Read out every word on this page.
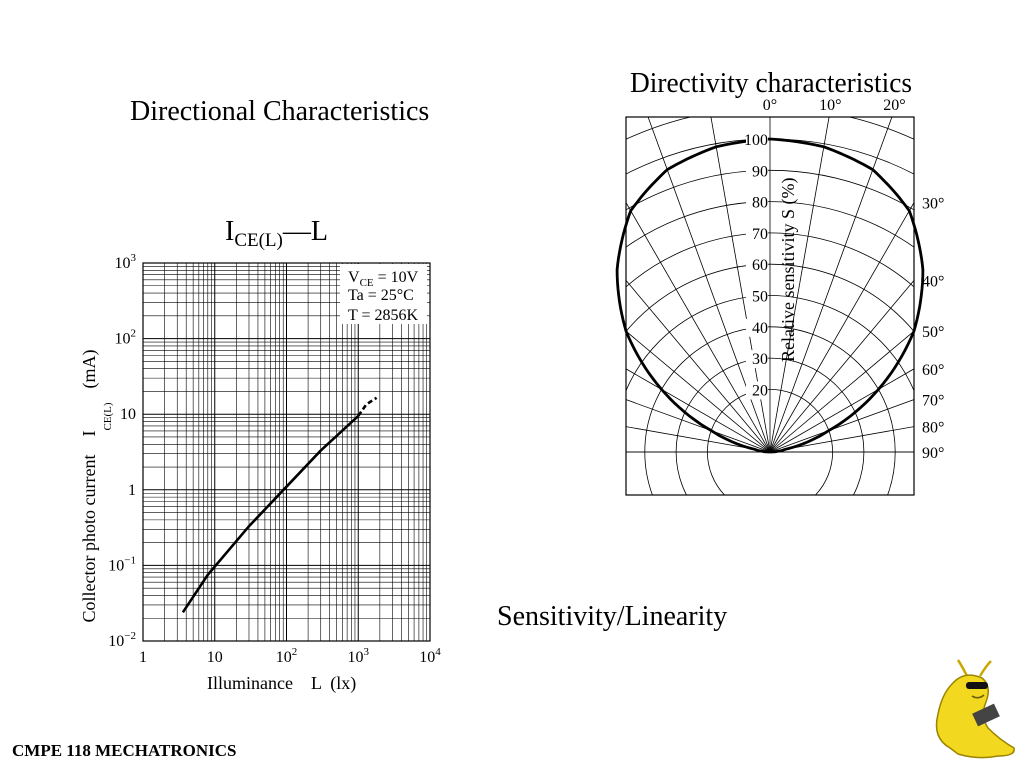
Directional Characteristics
Sensitivity/Linearity
CMPE 118 MECHATRONICS
$I_{CE(L)}—L$
1	10	$10^2$	$10^3$	$10^4$
$10^{-2}$
$10^{-1}$
1
10
$10^2$
$10^3$
$V_{CE} = 10V$
Ta = 25°C
T = 2856K
Illuminance    L  (lx)
Collector photo current    $I_{CE(L)}(mA)$
Directivity characteristics
20
30
40
50
60
70
80
90
100
0°	10°	20°
30°
40°
50°
60°
70°
80°
90°
Relative sensitivity S (%)
